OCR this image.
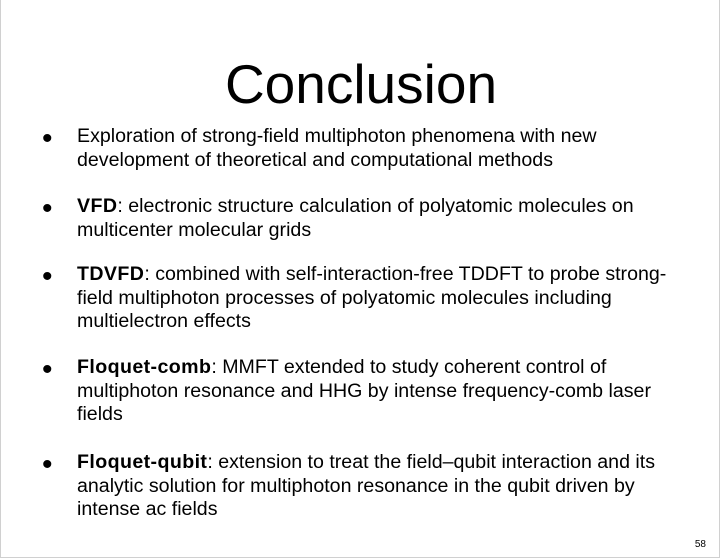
Conclusion
• Exploration of strong-field multiphoton phenomena with new development of theoretical and computational methods
• VFD: electronic structure calculation of polyatomic molecules on multicenter molecular grids
• TDVFD: combined with self-interaction-free TDDFT to probe strong-field multiphoton processes of polyatomic molecules including multielectron effects
• Floquet-comb: MMFT extended to study coherent control of multiphoton resonance and HHG by intense frequency-comb laser fields
• Floquet-qubit: extension to treat the field–qubit interaction and its analytic solution for multiphoton resonance in the qubit driven by intense ac fields
58
